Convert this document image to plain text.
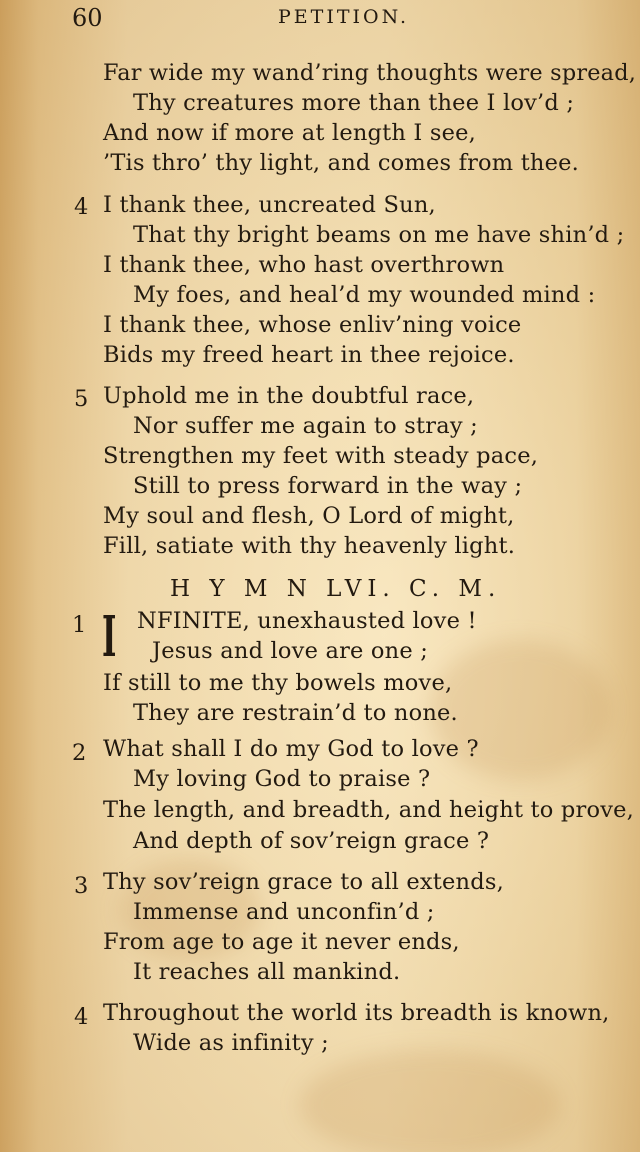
60	PETITION.
Far wide my wand’ring thoughts were spread,
Thy creatures more than thee I lov’d ;
And now if more at length I see,
’Tis thro’ thy light, and comes from thee.
4 I thank thee, uncreated Sun,
That thy bright beams on me have shin’d ;
I thank thee, who hast overthrown
My foes, and heal’d my wounded mind :
I thank thee, whose enliv’ning voice
Bids my freed heart in thee rejoice.
5 Uphold me in the doubtful race,
Nor suffer me again to stray ;
Strengthen my feet with steady pace,
Still to press forward in the way ;
My soul and flesh, O Lord of might,
Fill, satiate with thy heavenly light.
H Y M N LVI. C. M.
1 I NFINITE, unexhausted love !
Jesus and love are one ;
If still to me thy bowels move,
They are restrain’d to none.
2 What shall I do my God to love ?
My loving God to praise ?
The length, and breadth, and height to prove,
And depth of sov’reign grace ?
3 Thy sov’reign grace to all extends,
Immense and unconfin’d ;
From age to age it never ends,
It reaches all mankind.
4 Throughout the world its breadth is known,
Wide as infinity ;
